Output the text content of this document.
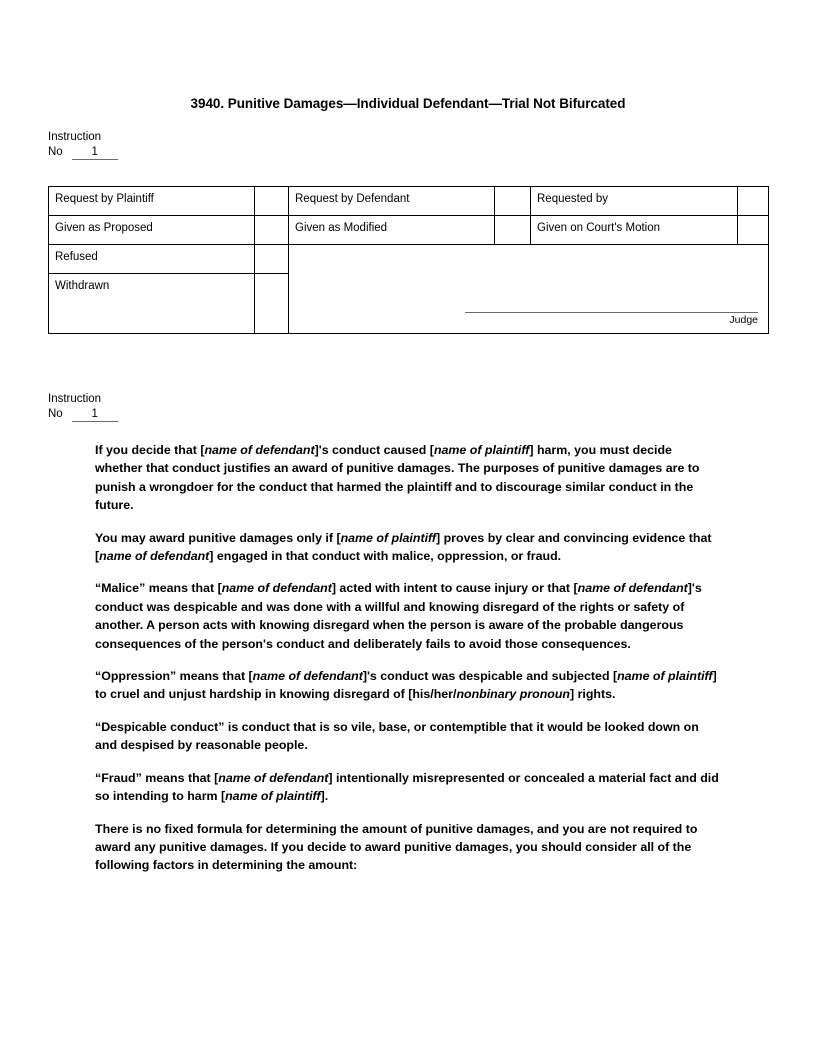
3940. Punitive Damages—Individual Defendant—Trial Not Bifurcated
Instruction
No	1
Request by Plaintiff		Request by Defendant		Requested by	
Given as Proposed		Given as Modified		Given on Court's Motion	
Refused		Judge			

Withdrawn					
Instruction
No	1

If you decide that [name of defendant]'s conduct caused [name of plaintiff] harm, you must decide whether that conduct justifies an award of punitive damages. The purposes of punitive damages are to punish a wrongdoer for the conduct that harmed the plaintiff and to discourage similar conduct in the future.

You may award punitive damages only if [name of plaintiff] proves by clear and convincing evidence that [name of defendant] engaged in that conduct with malice, oppression, or fraud.

“Malice” means that [name of defendant] acted with intent to cause injury or that [name of defendant]'s conduct was despicable and was done with a willful and knowing disregard of the rights or safety of another. A person acts with knowing disregard when the person is aware of the probable dangerous consequences of the person's conduct and deliberately fails to avoid those consequences.

“Oppression” means that [name of defendant]'s conduct was despicable and subjected [name of plaintiff] to cruel and unjust hardship in knowing disregard of [his/her/nonbinary pronoun] rights.

“Despicable conduct” is conduct that is so vile, base, or contemptible that it would be looked down on and despised by reasonable people.

“Fraud” means that [name of defendant] intentionally misrepresented or concealed a material fact and did so intending to harm [name of plaintiff].

There is no fixed formula for determining the amount of punitive damages, and you are not required to award any punitive damages. If you decide to award punitive damages, you should consider all of the following factors in determining the amount:
